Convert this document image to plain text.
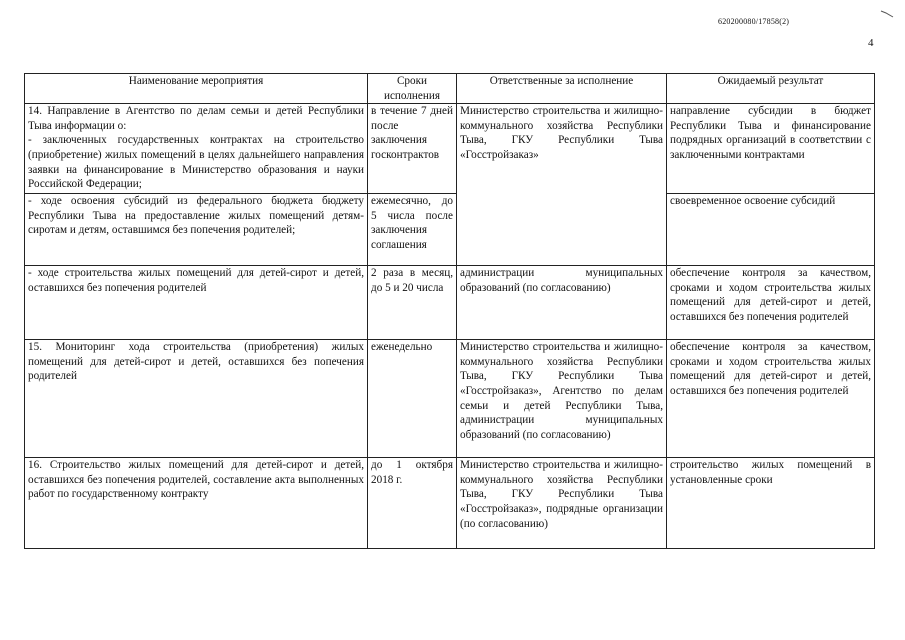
620200080/17858(2)
4
Наименование мероприятия	Сроки исполнения	Ответственные за исполнение	Ожидаемый результат

14. Направление в Агентство по делам семьи и детей Республики Тыва информации о:
- заключенных государственных контрактах на строительство (приобретение) жилых помещений в целях дальнейшего направления заявки на финансирование в Министерство образования и науки Российской Федерации;	в течение 7 дней после заключения госконтрактов	Министерство строительства и жилищно-коммунального хозяйства Республики Тыва, ГКУ Республики Тыва «Госстройзаказ»	направление субсидии в бюджет Республики Тыва и финансирование подрядных организаций в соответствии с заключенными контрактами

- ходе освоения субсидий из федерального бюджета бюджету Республики Тыва на предоставление жилых помещений детям-сиротам и детям, оставшимся без попечения родителей;	ежемесячно, до 5 числа после заключения соглашения		своевременное освоение субсидий

- ходе строительства жилых помещений для детей-сирот и детей, оставшихся без попечения родителей	2 раза в месяц, до 5 и 20 числа	администрации муниципальных образований (по согласованию)	обеспечение контроля за качеством, сроками и ходом строительства жилых помещений для детей-сирот и детей, оставшихся без попечения родителей

15. Мониторинг хода строительства (приобретения) жилых помещений для детей-сирот и детей, оставшихся без попечения родителей	еженедельно	Министерство строительства и жилищно-коммунального хозяйства Республики Тыва, ГКУ Республики Тыва «Госстройзаказ», Агентство по делам семьи и детей Республики Тыва, администрации муниципальных образований (по согласованию)	обеспечение контроля за качеством, сроками и ходом строительства жилых помещений для детей-сирот и детей, оставшихся без попечения родителей

16. Строительство жилых помещений для детей-сирот и детей, оставшихся без попечения родителей, составление акта выполненных работ по государственному контракту	до 1 октября 2018 г.	Министерство строительства и жилищно-коммунального хозяйства Республики Тыва, ГКУ Республики Тыва «Госстройзаказ», подрядные организации (по согласованию)	строительство жилых помещений в установленные сроки
